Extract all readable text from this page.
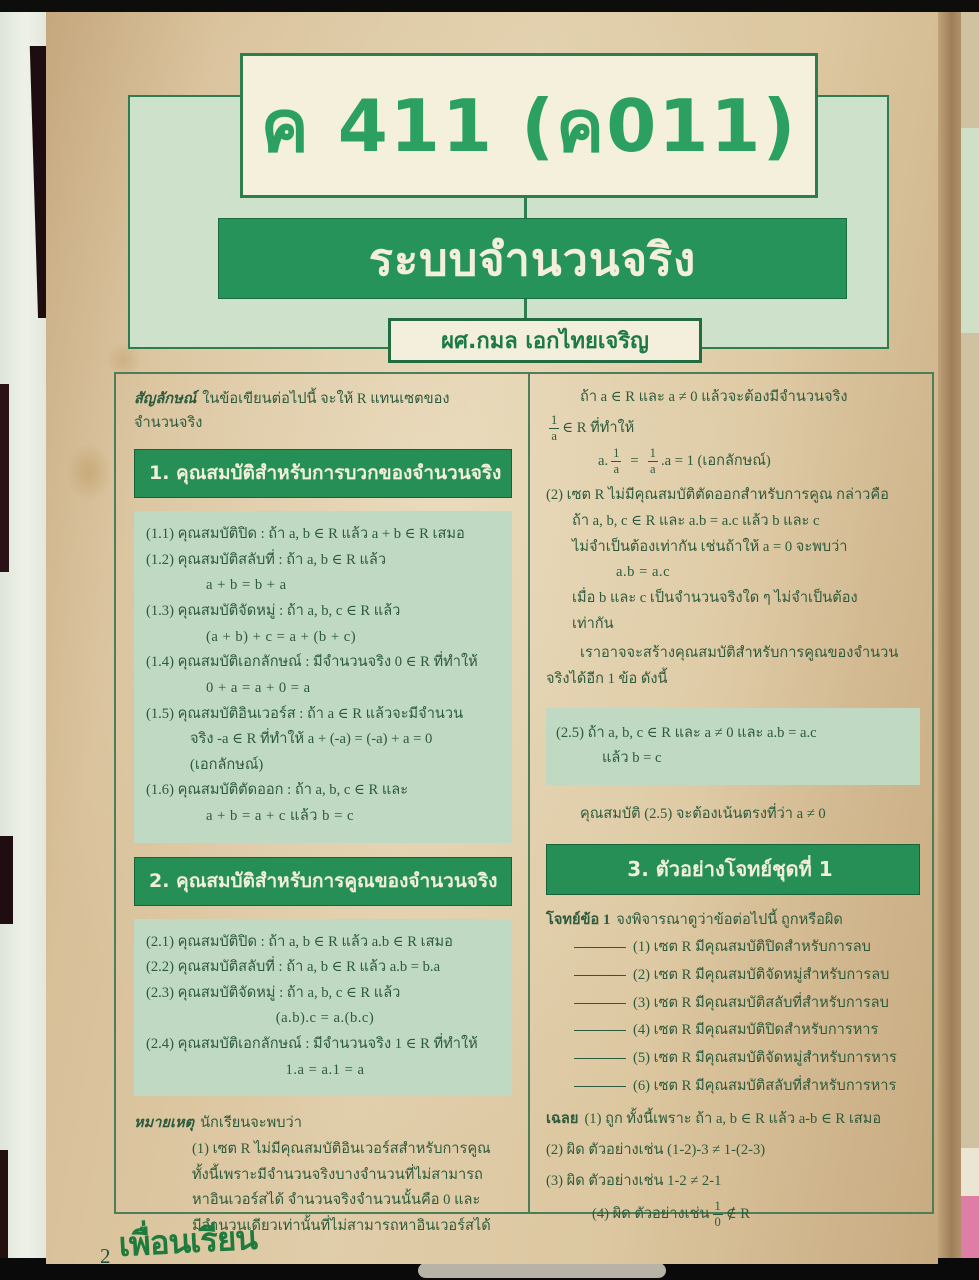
ค 411 (ค011)
ระบบจำนวนจริง
ผศ.กมล เอกไทยเจริญ
สัญลักษณ์ ในข้อเขียนต่อไปนี้ จะให้ R แทนเซตของจำนวนจริง
1. คุณสมบัติสำหรับการบวกของจำนวนจริง
(1.1) คุณสมบัติปิด : ถ้า a, b ∈ R แล้ว a + b ∈ R เสมอ
(1.2) คุณสมบัติสลับที่ : ถ้า a, b ∈ R แล้ว
a + b = b + a
(1.3) คุณสมบัติจัดหมู่ : ถ้า a, b, c ∈ R แล้ว
(a + b) + c = a + (b + c)
(1.4) คุณสมบัติเอกลักษณ์ : มีจำนวนจริง 0 ∈ R ที่ทำให้
0 + a = a + 0 = a
(1.5) คุณสมบัติอินเวอร์ส : ถ้า a ∈ R แล้วจะมีจำนวน
จริง -a ∈ R ที่ทำให้ a + (-a) = (-a) + a = 0
(เอกลักษณ์)
(1.6) คุณสมบัติตัดออก : ถ้า a, b, c ∈ R และ
a + b = a + c แล้ว b = c
2. คุณสมบัติสำหรับการคูณของจำนวนจริง
(2.1) คุณสมบัติปิด : ถ้า a, b ∈ R แล้ว a.b ∈ R เสมอ
(2.2) คุณสมบัติสลับที่ : ถ้า a, b ∈ R แล้ว a.b = b.a
(2.3) คุณสมบัติจัดหมู่ : ถ้า a, b, c ∈ R แล้ว
(a.b).c = a.(b.c)
(2.4) คุณสมบัติเอกลักษณ์ : มีจำนวนจริง 1 ∈ R ที่ทำให้
1.a = a.1 = a
หมายเหตุ นักเรียนจะพบว่า
(1) เซต R ไม่มีคุณสมบัติอินเวอร์สสำหรับการคูณ
ทั้งนี้เพราะมีจำนวนจริงบางจำนวนที่ไม่สามารถ
หาอินเวอร์สได้ จำนวนจริงจำนวนนั้นคือ 0 และ
มีจำนวนเดียวเท่านั้นที่ไม่สามารถหาอินเวอร์สได้
ถ้า a ∈ R และ a ≠ 0 แล้วจะต้องมีจำนวนจริง
$\frac{1}{a}$ ∈ R ที่ทำให้
a. $\frac{1}{a} = \frac{1}{a} .a = 1$ (เอกลักษณ์)
(2) เซต R ไม่มีคุณสมบัติตัดออกสำหรับการคูณ กล่าวคือ
ถ้า a, b, c ∈ R และ a.b = a.c แล้ว b และ c
ไม่จำเป็นต้องเท่ากัน เช่นถ้าให้ a = 0 จะพบว่า
a.b = a.c
เมื่อ b และ c เป็นจำนวนจริงใด ๆ ไม่จำเป็นต้อง
เท่ากัน
เราอาจจะสร้างคุณสมบัติสำหรับการคูณของจำนวน
จริงได้อีก 1 ข้อ ดังนี้
(2.5) ถ้า a, b, c ∈ R และ a ≠ 0 และ a.b = a.c
แล้ว b = c
คุณสมบัติ (2.5) จะต้องเน้นตรงที่ว่า a ≠ 0
3. ตัวอย่างโจทย์ชุดที่ 1
โจทย์ข้อ 1 จงพิจารณาดูว่าข้อต่อไปนี้ ถูกหรือผิด
(1) เซต R มีคุณสมบัติปิดสำหรับการลบ
(2) เซต R มีคุณสมบัติจัดหมู่สำหรับการลบ
(3) เซต R มีคุณสมบัติสลับที่สำหรับการลบ
(4) เซต R มีคุณสมบัติปิดสำหรับการหาร
(5) เซต R มีคุณสมบัติจัดหมู่สำหรับการหาร
(6) เซต R มีคุณสมบัติสลับที่สำหรับการหาร
เฉลย (1) ถูก ทั้งนี้เพราะ ถ้า a, b ∈ R แล้ว a-b ∈ R เสมอ
(2) ผิด ตัวอย่างเช่น (1-2)-3 ≠ 1-(2-3)
(3) ผิด ตัวอย่างเช่น 1-2 ≠ 2-1
(4) ผิด ตัวอย่างเช่น $\frac{1}{0}$ ∉ R
2 เพื่อนเรียน
